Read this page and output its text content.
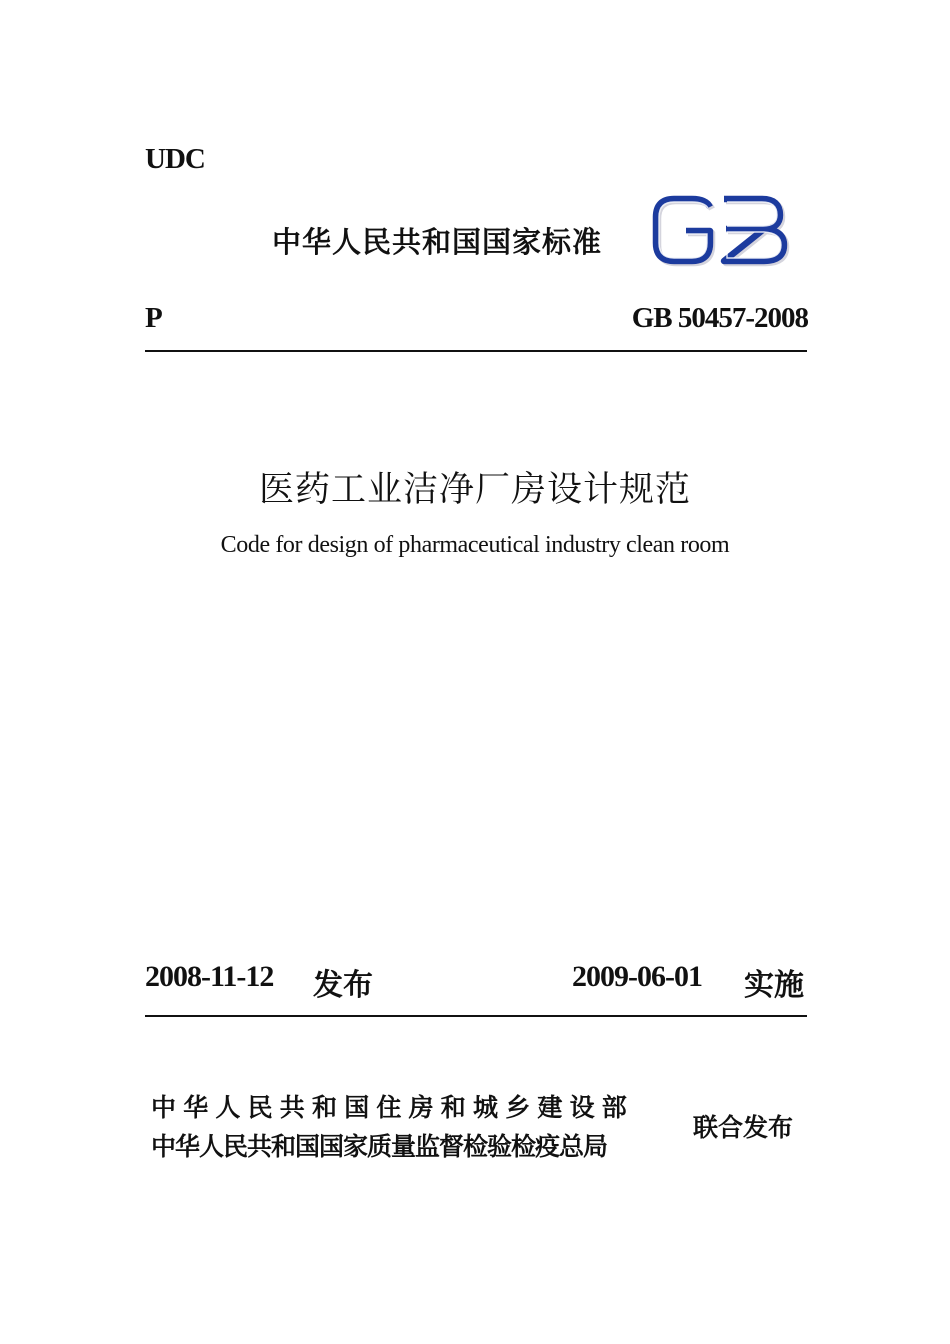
UDC
中华人民共和国国家标准
P	GB 50457-2008
医药工业洁净厂房设计规范
Code for design of pharmaceutical industry clean room
2008-11-12 发布	2009-06-01 实施
中华人民共和国住房和城乡建设部
中华人民共和国国家质量监督检验检疫总局
联合发布
